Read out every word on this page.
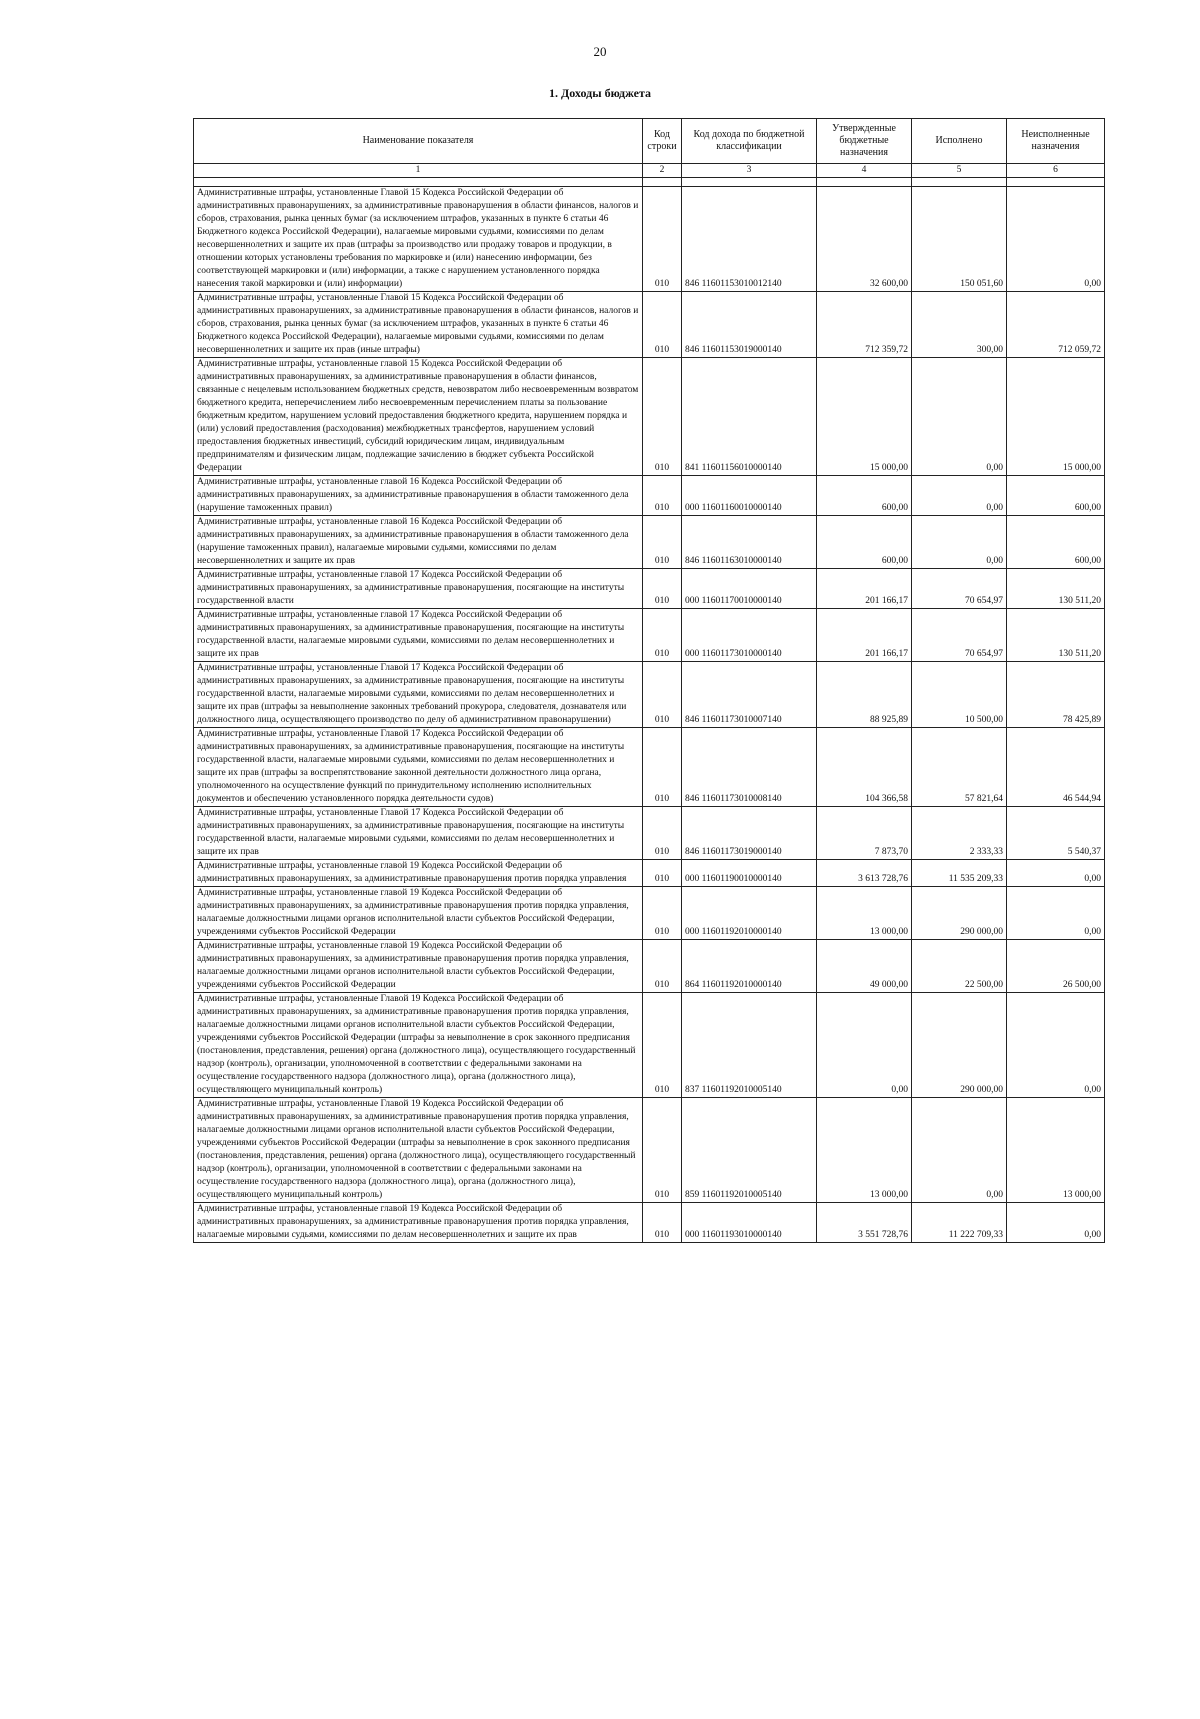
20
1. Доходы бюджета
Наименование показателя	Код строки	Код дохода по бюджетной классификации	Утвержденные бюджетные назначения	Исполнено	Неисполненные назначения
1	2	3	4	5	6

Административные штрафы, установленные Главой 15 Кодекса Российской Федерации об административных правонарушениях, за административные правонарушения в области финансов, налогов и сборов, страхования, рынка ценных бумаг (за исключением штрафов, указанных в пункте 6 статьи 46 Бюджетного кодекса Российской Федерации), налагаемые мировыми судьями, комиссиями по делам несовершеннолетних и защите их прав (штрафы за производство или продажу товаров и продукции, в отношении которых установлены требования по маркировке и (или) нанесению информации, без соответствующей маркировки и (или) информации, а также с нарушением установленного порядка нанесения такой маркировки и (или) информации)	010	846 11601153010012140	32 600,00	150 051,60	0,00
Административные штрафы, установленные Главой 15 Кодекса Российской Федерации об административных правонарушениях, за административные правонарушения в области финансов, налогов и сборов, страхования, рынка ценных бумаг (за исключением штрафов, указанных в пункте 6 статьи 46 Бюджетного кодекса Российской Федерации), налагаемые мировыми судьями, комиссиями по делам несовершеннолетних и защите их прав (иные штрафы)	010	846 11601153019000140	712 359,72	300,00	712 059,72
Административные штрафы, установленные главой 15 Кодекса Российской Федерации об административных правонарушениях, за административные правонарушения в области финансов, связанные с нецелевым использованием бюджетных средств, невозвратом либо несвоевременным возвратом бюджетного кредита, неперечислением либо несвоевременным перечислением платы за пользование бюджетным кредитом, нарушением условий предоставления бюджетного кредита, нарушением порядка и (или) условий предоставления (расходования) межбюджетных трансфертов, нарушением условий предоставления бюджетных инвестиций, субсидий юридическим лицам, индивидуальным предпринимателям и физическим лицам, подлежащие зачислению в бюджет субъекта Российской Федерации	010	841 11601156010000140	15 000,00	0,00	15 000,00
Административные штрафы, установленные главой 16 Кодекса Российской Федерации об административных правонарушениях, за административные правонарушения в области таможенного дела (нарушение таможенных правил)	010	000 11601160010000140	600,00	0,00	600,00
Административные штрафы, установленные главой 16 Кодекса Российской Федерации об административных правонарушениях, за административные правонарушения в области таможенного дела (нарушение таможенных правил), налагаемые мировыми судьями, комиссиями по делам несовершеннолетних и защите их прав	010	846 11601163010000140	600,00	0,00	600,00
Административные штрафы, установленные главой 17 Кодекса Российской Федерации об административных правонарушениях, за административные правонарушения, посягающие на институты государственной власти	010	000 11601170010000140	201 166,17	70 654,97	130 511,20
Административные штрафы, установленные главой 17 Кодекса Российской Федерации об административных правонарушениях, за административные правонарушения, посягающие на институты государственной власти, налагаемые мировыми судьями, комиссиями по делам несовершеннолетних и защите их прав	010	000 11601173010000140	201 166,17	70 654,97	130 511,20
Административные штрафы, установленные Главой 17 Кодекса Российской Федерации об административных правонарушениях, за административные правонарушения, посягающие на институты государственной власти, налагаемые мировыми судьями, комиссиями по делам несовершеннолетних и защите их прав (штрафы за невыполнение законных требований прокурора, следователя, дознавателя или должностного лица, осуществляющего производство по делу об административном правонарушении)	010	846 11601173010007140	88 925,89	10 500,00	78 425,89
Административные штрафы, установленные Главой 17 Кодекса Российской Федерации об административных правонарушениях, за административные правонарушения, посягающие на институты государственной власти, налагаемые мировыми судьями, комиссиями по делам несовершеннолетних и защите их прав (штрафы за воспрепятствование законной деятельности должностного лица органа, уполномоченного на осуществление функций по принудительному исполнению исполнительных документов и обеспечению установленного порядка деятельности судов)	010	846 11601173010008140	104 366,58	57 821,64	46 544,94
Административные штрафы, установленные Главой 17 Кодекса Российской Федерации об административных правонарушениях, за административные правонарушения, посягающие на институты государственной власти, налагаемые мировыми судьями, комиссиями по делам несовершеннолетних и защите их прав	010	846 11601173019000140	7 873,70	2 333,33	5 540,37
Административные штрафы, установленные главой 19 Кодекса Российской Федерации об административных правонарушениях, за административные правонарушения против порядка управления	010	000 11601190010000140	3 613 728,76	11 535 209,33	0,00
Административные штрафы, установленные главой 19 Кодекса Российской Федерации об административных правонарушениях, за административные правонарушения против порядка управления, налагаемые должностными лицами органов исполнительной власти субъектов Российской Федерации, учреждениями субъектов Российской Федерации	010	000 11601192010000140	13 000,00	290 000,00	0,00
Административные штрафы, установленные главой 19 Кодекса Российской Федерации об административных правонарушениях, за административные правонарушения против порядка управления, налагаемые должностными лицами органов исполнительной власти субъектов Российской Федерации, учреждениями субъектов Российской Федерации	010	864 11601192010000140	49 000,00	22 500,00	26 500,00
Административные штрафы, установленные Главой 19 Кодекса Российской Федерации об административных правонарушениях, за административные правонарушения против порядка управления, налагаемые должностными лицами органов исполнительной власти субъектов Российской Федерации, учреждениями субъектов Российской Федерации (штрафы за невыполнение в срок законного предписания (постановления, представления, решения) органа (должностного лица), осуществляющего государственный надзор (контроль), организации, уполномоченной в соответствии с федеральными законами на осуществление государственного надзора (должностного лица), органа (должностного лица), осуществляющего муниципальный контроль)	010	837 11601192010005140	0,00	290 000,00	0,00
Административные штрафы, установленные Главой 19 Кодекса Российской Федерации об административных правонарушениях, за административные правонарушения против порядка управления, налагаемые должностными лицами органов исполнительной власти субъектов Российской Федерации, учреждениями субъектов Российской Федерации (штрафы за невыполнение в срок законного предписания (постановления, представления, решения) органа (должностного лица), осуществляющего государственный надзор (контроль), организации, уполномоченной в соответствии с федеральными законами на осуществление государственного надзора (должностного лица), органа (должностного лица), осуществляющего муниципальный контроль)	010	859 11601192010005140	13 000,00	0,00	13 000,00
Административные штрафы, установленные главой 19 Кодекса Российской Федерации об административных правонарушениях, за административные правонарушения против порядка управления, налагаемые мировыми судьями, комиссиями по делам несовершеннолетних и защите их прав	010	000 11601193010000140	3 551 728,76	11 222 709,33	0,00
